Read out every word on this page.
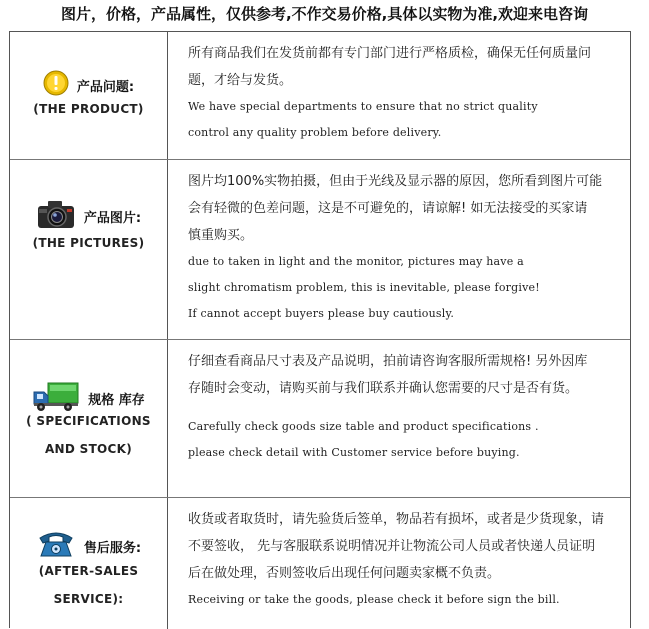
图片，价格，产品属性，仅供参考,不作交易价格,具体以实物为准,欢迎来电咨询
产品问题:
(THE PRODUCT)
所有商品我们在发货前都有专门部门进行严格质检，确保无任何质量问
题，才给与发货。
We have special departments to ensure that no strict quality
control any quality problem before delivery.
产品图片:
(THE PICTURES)
图片均100%实物拍摄，但由于光线及显示器的原因，您所看到图片可能
会有轻微的色差问题，这是不可避免的，请谅解! 如无法接受的买家请
慎重购买。
due to taken in light and the monitor, pictures may have a
slight chromatism problem, this is inevitable, please forgive!
If cannot accept buyers please buy cautiously.
规格 库存
( SPECIFICATIONS
AND STOCK)
仔细查看商品尺寸表及产品说明，拍前请咨询客服所需规格! 另外因库
存随时会变动，请购买前与我们联系并确认您需要的尺寸是否有货。
Carefully check goods size table and product specifications .
please check detail with Customer service before buying.
售后服务:
(AFTER-SALES
SERVICE):
收货或者取货时，请先验货后签单，物品若有损坏，或者是少货现象，请
不要签收， 先与客服联系说明情况并让物流公司人员或者快递人员证明
后在做处理，否则签收后出现任何问题卖家概不负责。
Receiving or take the goods, please check it before sign the bill.
